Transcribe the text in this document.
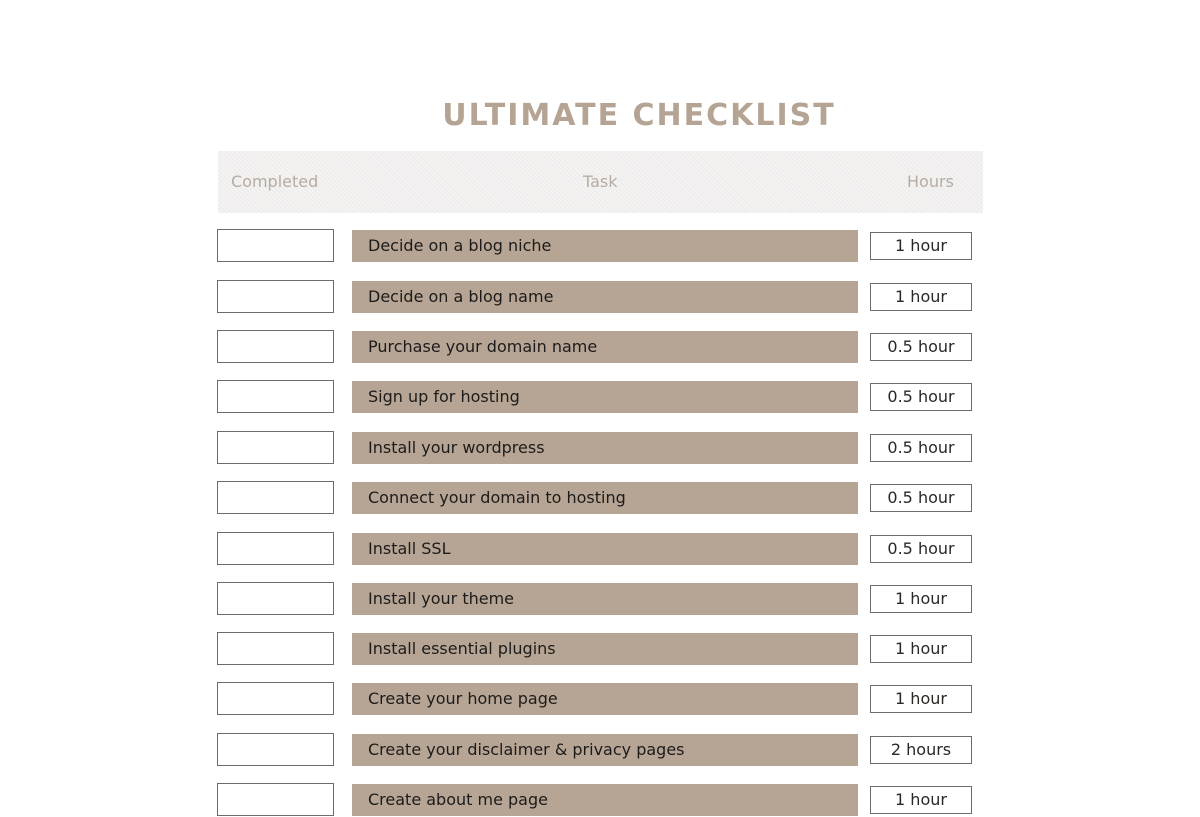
ULTIMATE CHECKLIST
Completed	Task	Hours
Decide on a blog niche	1 hour
Decide on a blog name	1 hour
Purchase your domain name	0.5 hour
Sign up for hosting	0.5 hour
Install your wordpress	0.5 hour
Connect your domain to hosting	0.5 hour
Install SSL	0.5 hour
Install your theme	1 hour
Install essential plugins	1 hour
Create your home page	1 hour
Create your disclaimer & privacy pages	2 hours
Create about me page	1 hour
